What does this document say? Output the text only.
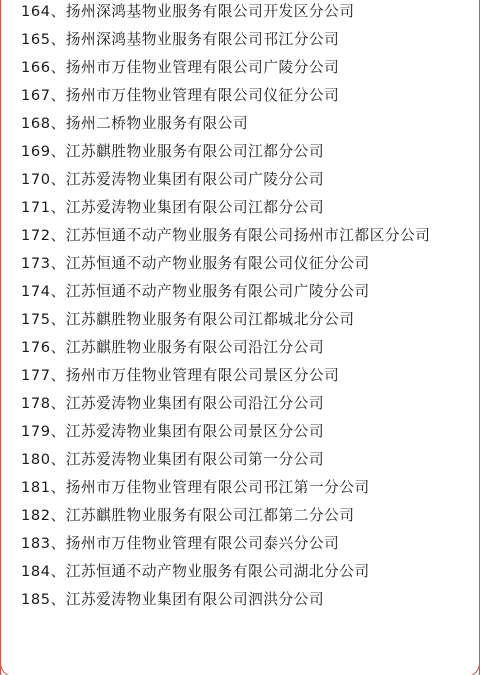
164、扬州深鸿基物业服务有限公司开发区分公司
165、扬州深鸿基物业服务有限公司邗江分公司
166、扬州市万佳物业管理有限公司广陵分公司
167、扬州市万佳物业管理有限公司仪征分公司
168、扬州二桥物业服务有限公司
169、江苏麒胜物业服务有限公司江都分公司
170、江苏爱涛物业集团有限公司广陵分公司
171、江苏爱涛物业集团有限公司江都分公司
172、江苏恒通不动产物业服务有限公司扬州市江都区分公司
173、江苏恒通不动产物业服务有限公司仪征分公司
174、江苏恒通不动产物业服务有限公司广陵分公司
175、江苏麒胜物业服务有限公司江都城北分公司
176、江苏麒胜物业服务有限公司沿江分公司
177、扬州市万佳物业管理有限公司景区分公司
178、江苏爱涛物业集团有限公司沿江分公司
179、江苏爱涛物业集团有限公司景区分公司
180、江苏爱涛物业集团有限公司第一分公司
181、扬州市万佳物业管理有限公司邗江第一分公司
182、江苏麒胜物业服务有限公司江都第二分公司
183、扬州市万佳物业管理有限公司泰兴分公司
184、江苏恒通不动产物业服务有限公司湖北分公司
185、江苏爱涛物业集团有限公司泗洪分公司
